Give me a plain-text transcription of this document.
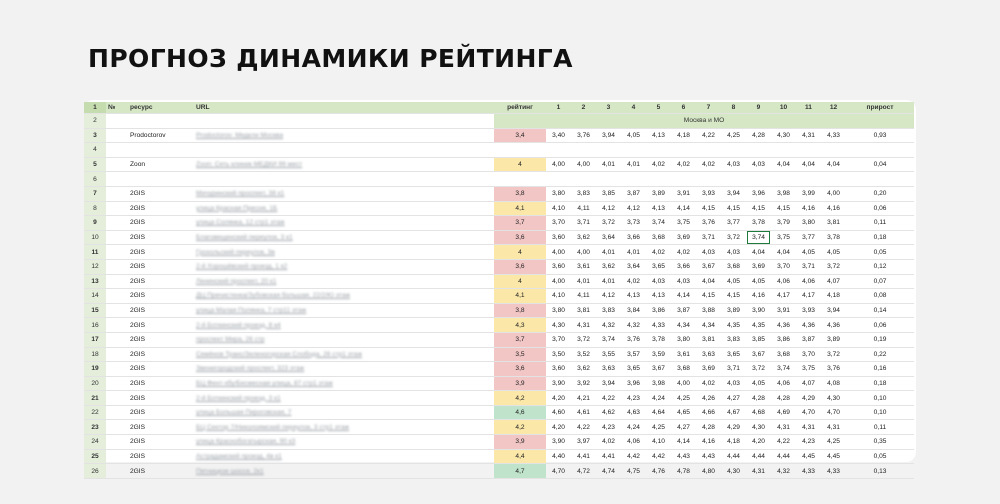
ПРОГНОЗ ДИНАМИКИ РЕЙТИНГА
1	№	ресурс	URL	рейтинг	1	2	3	4	5	6	7	8	9	10	11	12	прирост
2				Москва и МО													
3		Prodoctorov	Prodoctorov: Медкли Москва	3,4	3,40	3,76	3,94	4,05	4,13	4,18	4,22	4,25	4,28	4,30	4,31	4,33	0,93
4																	
5		Zoon	Zoon: Сеть клиник МЕДКИ 99 мест	4	4,00	4,00	4,01	4,01	4,02	4,02	4,02	4,03	4,03	4,04	4,04	4,04	0,04
6																	
7		2GIS	Мичуринский проспект, 38 к1	3,8	3,80	3,83	3,85	3,87	3,89	3,91	3,93	3,94	3,96	3,98	3,99	4,00	0,20
8		2GIS	улица Красная Пресня, 1Б	4,1	4,10	4,11	4,12	4,12	4,13	4,14	4,15	4,15	4,15	4,15	4,16	4,16	0,06
9		2GIS	улица Солянка, 12 стр1 этаж	3,7	3,70	3,71	3,72	3,73	3,74	3,75	3,76	3,77	3,78	3,79	3,80	3,81	0,11
10		2GIS	Благовещенский переулок, 3 к1	3,6	3,60	3,62	3,64	3,66	3,68	3,69	3,71	3,72	3,74	3,75	3,77	3,78	0,18
11		2GIS	Грохольский переулок, 3в	4	4,00	4,00	4,01	4,01	4,02	4,02	4,03	4,03	4,04	4,04	4,05	4,05	0,05
12		2GIS	2-й Хорошёвский проезд, 1 к2	3,6	3,60	3,61	3,62	3,64	3,65	3,66	3,67	3,68	3,69	3,70	3,71	3,72	0,12
13		2GIS	Ленинский проспект, 20 к1	4	4,00	4,01	4,01	4,02	4,03	4,03	4,04	4,05	4,05	4,06	4,06	4,07	0,07
14		2GIS	ДЦ Пречистенка/Зубовская большая, 22/2/Ю этаж	4,1	4,10	4,11	4,12	4,13	4,13	4,14	4,15	4,15	4,16	4,17	4,17	4,18	0,08
15		2GIS	улица Малая Полянка, 7 стр11 этаж	3,8	3,80	3,81	3,83	3,84	3,86	3,87	3,88	3,89	3,90	3,91	3,93	3,94	0,14
16		2GIS	2-й Боткинский проезд, 8 к4	4,3	4,30	4,31	4,32	4,32	4,33	4,34	4,34	4,35	4,35	4,36	4,36	4,36	0,06
17		2GIS	проспект Мира, 26 стр	3,7	3,70	3,72	3,74	3,76	3,78	3,80	3,81	3,83	3,85	3,86	3,87	3,89	0,19
18		2GIS	Семёнов Транс/Зеленогорская Слобода, 26 стр1 этаж	3,5	3,50	3,52	3,55	3,57	3,59	3,61	3,63	3,65	3,67	3,68	3,70	3,72	0,22
19		2GIS	Звенигородский проспект, 323 этаж	3,6	3,60	3,62	3,63	3,65	3,67	3,68	3,69	3,71	3,72	3,74	3,75	3,76	0,16
20		2GIS	БЦ Фент-хбу/Бесмесная улица, 87 стр1 этаж	3,9	3,90	3,92	3,94	3,96	3,98	4,00	4,02	4,03	4,05	4,06	4,07	4,08	0,18
21		2GIS	2-й Боткинский проезд, 3 к1	4,2	4,20	4,21	4,22	4,23	4,24	4,25	4,26	4,27	4,28	4,28	4,29	4,30	0,10
22		2GIS	улица Большая Пироговская, 7	4,6	4,60	4,61	4,62	4,63	4,64	4,65	4,66	4,67	4,68	4,69	4,70	4,70	0,10
23		2GIS	БЦ Сектор 7/Николоямский переулок, 3 стр1 этаж	4,2	4,20	4,22	4,23	4,24	4,25	4,27	4,28	4,29	4,30	4,31	4,31	4,31	0,11
24		2GIS	улица Краснобогатырская, 90 к3	3,9	3,90	3,97	4,02	4,06	4,10	4,14	4,16	4,18	4,20	4,22	4,23	4,25	0,35
25		2GIS	Астрадамский проезд, 4в к1	4,4	4,40	4,41	4,41	4,42	4,42	4,43	4,43	4,44	4,44	4,44	4,45	4,45	0,05
26		2GIS	Пятницкое шоссе, 2к1	4,7	4,70	4,72	4,74	4,75	4,76	4,78	4,80	4,30	4,31	4,32	4,33	4,33	0,13
